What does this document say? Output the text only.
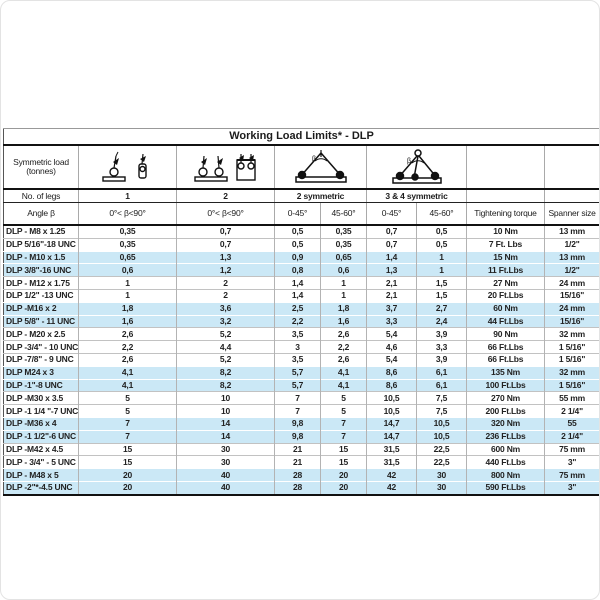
Working Load Limits* - DLP								

Symmetric load
(tonnes)			β		β			

No. of legs	1	2	2 symmetric		3 & 4 symmetric			
Angle β	0°< β<90°	0°< β<90°	0-45°	45-60°	0-45°	45-60°	Tightening torque	Spanner size
DLP - M8 x 1.25	0,35	0,7	0,5	0,35	0,7	0,5	10 Nm	13 mm
DLP 5/16"-18 UNC	0,35	0,7	0,5	0,35	0,7	0,5	7 Ft. Lbs	1/2"
DLP - M10 x 1.5	0,65	1,3	0,9	0,65	1,4	1	15 Nm	13 mm
DLP 3/8"-16 UNC	0,6	1,2	0,8	0,6	1,3	1	11 Ft.Lbs	1/2"
DLP - M12 x 1.75	1	2	1,4	1	2,1	1,5	27 Nm	24 mm
DLP 1/2" -13 UNC	1	2	1,4	1	2,1	1,5	20 Ft.Lbs	15/16"
DLP -M16 x 2	1,8	3,6	2,5	1,8	3,7	2,7	60 Nm	24 mm
DLP 5/8" - 11 UNC	1,6	3,2	2,2	1,6	3,3	2,4	44 Ft.Lbs	15/16"
DLP - M20 x 2.5	2,6	5,2	3,5	2,6	5,4	3,9	90 Nm	32 mm
DLP -3/4" - 10 UNC	2,2	4,4	3	2,2	4,6	3,3	66 Ft.Lbs	1 5/16"
DLP -7/8" - 9 UNC	2,6	5,2	3,5	2,6	5,4	3,9	66 Ft.Lbs	1 5/16"
DLP M24 x 3	4,1	8,2	5,7	4,1	8,6	6,1	135 Nm	32 mm
DLP -1"-8 UNC	4,1	8,2	5,7	4,1	8,6	6,1	100 Ft.Lbs	1 5/16"
DLP -M30 x 3.5	5	10	7	5	10,5	7,5	270 Nm	55 mm
DLP -1 1/4 "-7 UNC	5	10	7	5	10,5	7,5	200 Ft.Lbs	2 1/4"
DLP -M36 x 4	7	14	9,8	7	14,7	10,5	320 Nm	55
DLP -1 1/2"-6 UNC	7	14	9,8	7	14,7	10,5	236 Ft.Lbs	2 1/4"
DLP -M42 x 4.5	15	30	21	15	31,5	22,5	600 Nm	75 mm
DLP - 3/4" - 5 UNC	15	30	21	15	31,5	22,5	440 Ft.Lbs	3"
DLP - M48 x 5	20	40	28	20	42	30	800 Nm	75 mm
DLP -2"*-4.5 UNC	20	40	28	20	42	30	590 Ft.Lbs	3"
